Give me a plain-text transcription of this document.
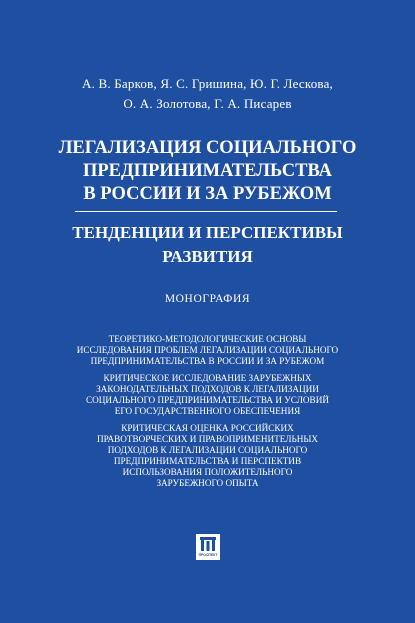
А. В. Барков, Я. С. Гришина, Ю. Г. Лескова,
О. А. Золотова, Г. А. Писарев
ЛЕГАЛИЗАЦИЯ СОЦИАЛЬНОГО
ПРЕДПРИНИМАТЕЛЬСТВА
В РОССИИ И ЗА РУБЕЖОМ
ТЕНДЕНЦИИ И ПЕРСПЕКТИВЫ
РАЗВИТИЯ
МОНОГРАФИЯ
ТЕОРЕТИКО-МЕТОДОЛОГИЧЕСКИЕ ОСНОВЫ
ИССЛЕДОВАНИЯ ПРОБЛЕМ ЛЕГАЛИЗАЦИИ СОЦИАЛЬНОГО
ПРЕДПРИНИМАТЕЛЬСТВА В РОССИИ И ЗА РУБЕЖОМ
КРИТИЧЕСКОЕ ИССЛЕДОВАНИЕ ЗАРУБЕЖНЫХ
ЗАКОНОДАТЕЛЬНЫХ ПОДХОДОВ К ЛЕГАЛИЗАЦИИ
СОЦИАЛЬНОГО ПРЕДПРИНИМАТЕЛЬСТВА И УСЛОВИЙ
ЕГО ГОСУДАРСТВЕННОГО ОБЕСПЕЧЕНИЯ
КРИТИЧЕСКАЯ ОЦЕНКА РОССИЙСКИХ
ПРАВОТВОРЧЕСКИХ И ПРАВОПРИМЕНИТЕЛЬНЫХ
ПОДХОДОВ К ЛЕГАЛИЗАЦИИ СОЦИАЛЬНОГО
ПРЕДПРИНИМАТЕЛЬСТВА И ПЕРСПЕКТИВ
ИСПОЛЬЗОВАНИЯ ПОЛОЖИТЕЛЬНОГО
ЗАРУБЕЖНОГО ОПЫТА
ПРОСПЕКТ
